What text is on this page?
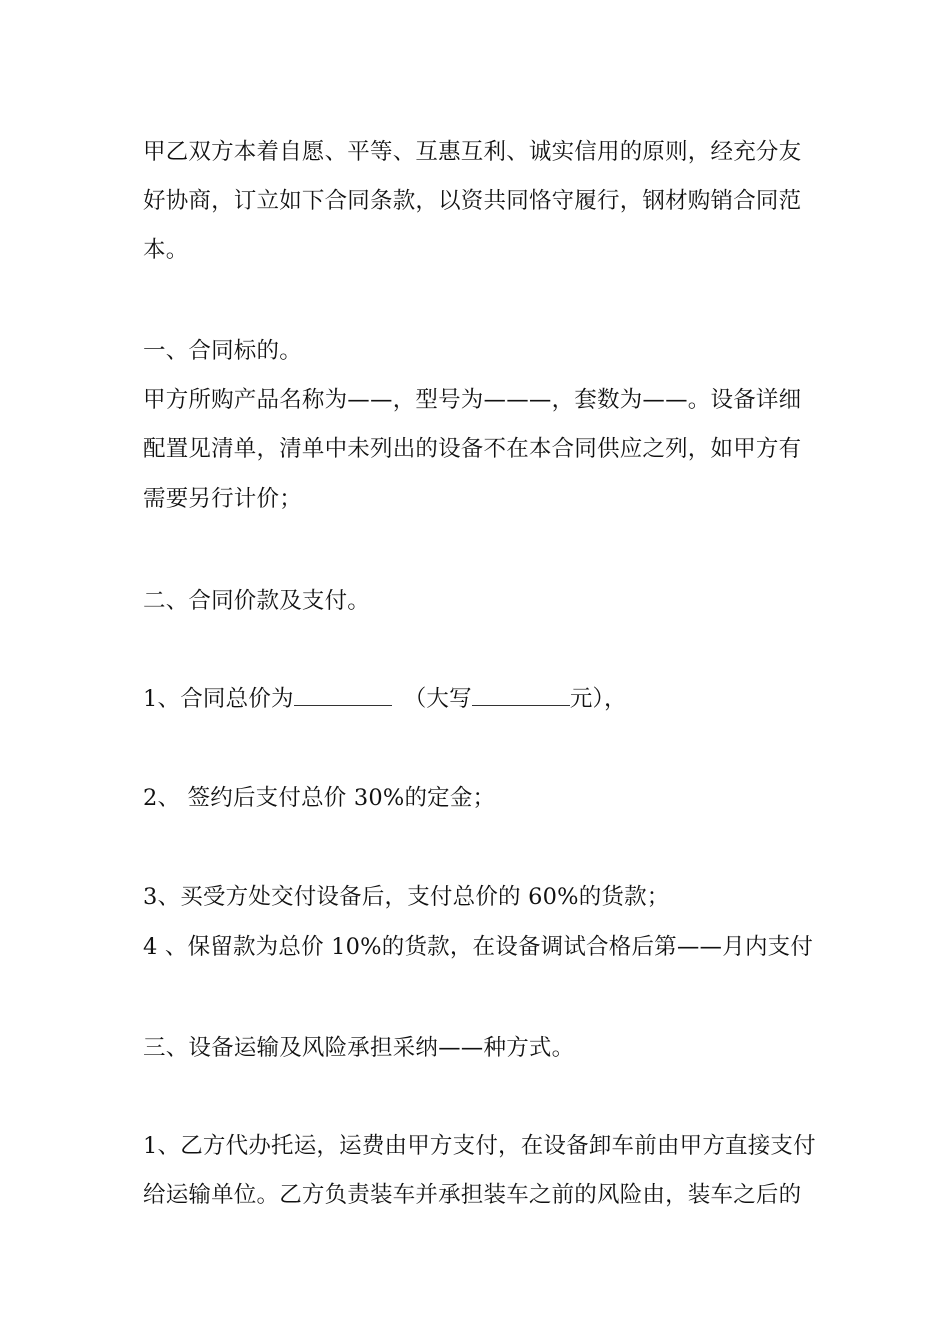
甲乙双方本着自愿、平等、互惠互利、诚实信用的原则，经充分友
好协商，订立如下合同条款，以资共同恪守履行，钢材购销合同范
本。
一、合同标的。
甲方所购产品名称为——，型号为———，套数为——。设备详细
配置见清单，清单中未列出的设备不在本合同供应之列，如甲方有
需要另行计价；
二、合同价款及支付。
1、合同总价为	（大写	元），
2、 签约后支付总价 30%的定金；
3、买受方处交付设备后，支付总价的 60%的货款；
4 、保留款为总价 10%的货款，在设备调试合格后第——月内支付
三、设备运输及风险承担采纳——种方式。
1、乙方代办托运，运费由甲方支付，在设备卸车前由甲方直接支付
给运输单位。乙方负责装车并承担装车之前的风险由，装车之后的
